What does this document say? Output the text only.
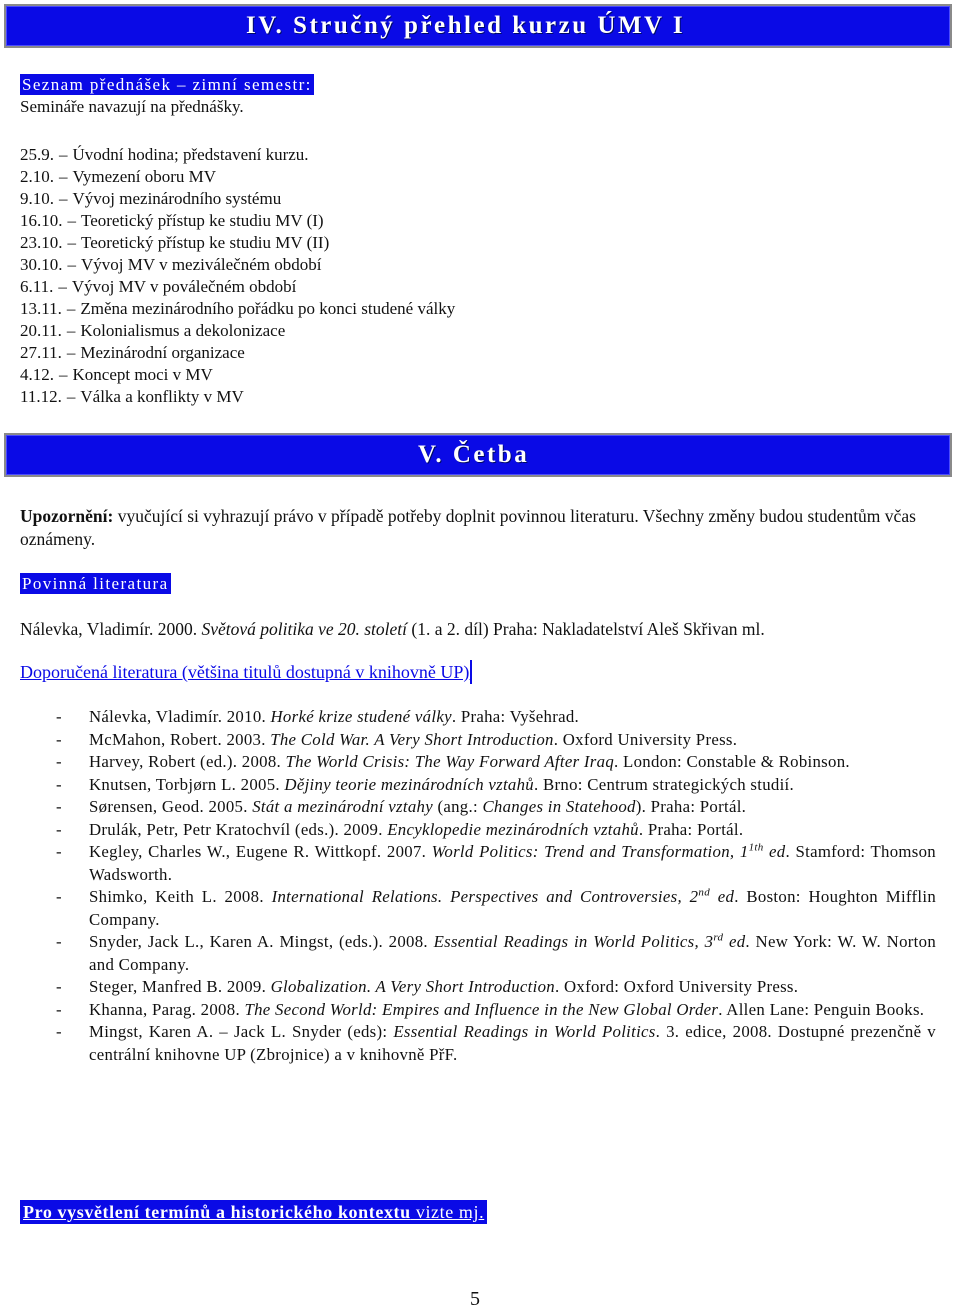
IV. Stručný přehled kurzu ÚMV I
Seznam přednášek – zimní semestr:
Semináře navazují na přednášky.
25.9. – Úvodní hodina; představení kurzu.
2.10. – Vymezení oboru MV
9.10. – Vývoj mezinárodního systému
16.10. – Teoretický přístup ke studiu MV (I)
23.10. – Teoretický přístup ke studiu MV (II)
30.10. – Vývoj MV v meziválečném období
6.11. – Vývoj MV v poválečném období
13.11. – Změna mezinárodního pořádku po konci studené války
20.11. – Kolonialismus a dekolonizace
27.11. – Mezinárodní organizace
4.12. – Koncept moci v MV
11.12. – Válka a konflikty v MV
V. Četba
Upozornění: vyučující si vyhrazují právo v případě potřeby doplnit povinnou literaturu. Všechny změny budou studentům včas oznámeny.
Povinná literatura
Nálevka, Vladimír. 2000. Světová politika ve 20. století (1. a 2. díl) Praha: Nakladatelství Aleš Skřivan ml.
Doporučená literatura (většina titulů dostupná v knihovně UP)
- Nálevka, Vladimír. 2010. Horké krize studené války. Praha: Vyšehrad.
- McMahon, Robert. 2003. The Cold War. A Very Short Introduction. Oxford University Press.
- Harvey, Robert (ed.). 2008. The World Crisis: The Way Forward After Iraq. London: Constable & Robinson.
- Knutsen, Torbjørn L. 2005. Dějiny teorie mezinárodních vztahů. Brno: Centrum strategických studií.
- Sørensen, Geod. 2005. Stát a mezinárodní vztahy (ang.: Changes in Statehood). Praha: Portál.
- Drulák, Petr, Petr Kratochvíl (eds.). 2009. Encyklopedie mezinárodních vztahů. Praha: Portál.
- Kegley, Charles W., Eugene R. Wittkopf. 2007. World Politics: Trend and Transformation, $1^{1th}$ ed. Stamford: Thomson Wadsworth.
- Shimko, Keith L. 2008. International Relations. Perspectives and Controversies, 2nd ed. Boston: Houghton Mifflin Company.
- Snyder, Jack L., Karen A. Mingst, (eds.). 2008. Essential Readings in World Politics, 3rd ed. New York: W. W. Norton and Company.
- Steger, Manfred B. 2009. Globalization. A Very Short Introduction. Oxford: Oxford University Press.
- Khanna, Parag. 2008. The Second World: Empires and Influence in the New Global Order. Allen Lane: Penguin Books.
- Mingst, Karen A. – Jack L. Snyder (eds): Essential Readings in World Politics. 3. edice, 2008. Dostupné prezenčně v centrální knihovne UP (Zbrojnice) a v knihovně PřF.
Pro vysvětlení termínů a historického kontextu vizte mj.
5
